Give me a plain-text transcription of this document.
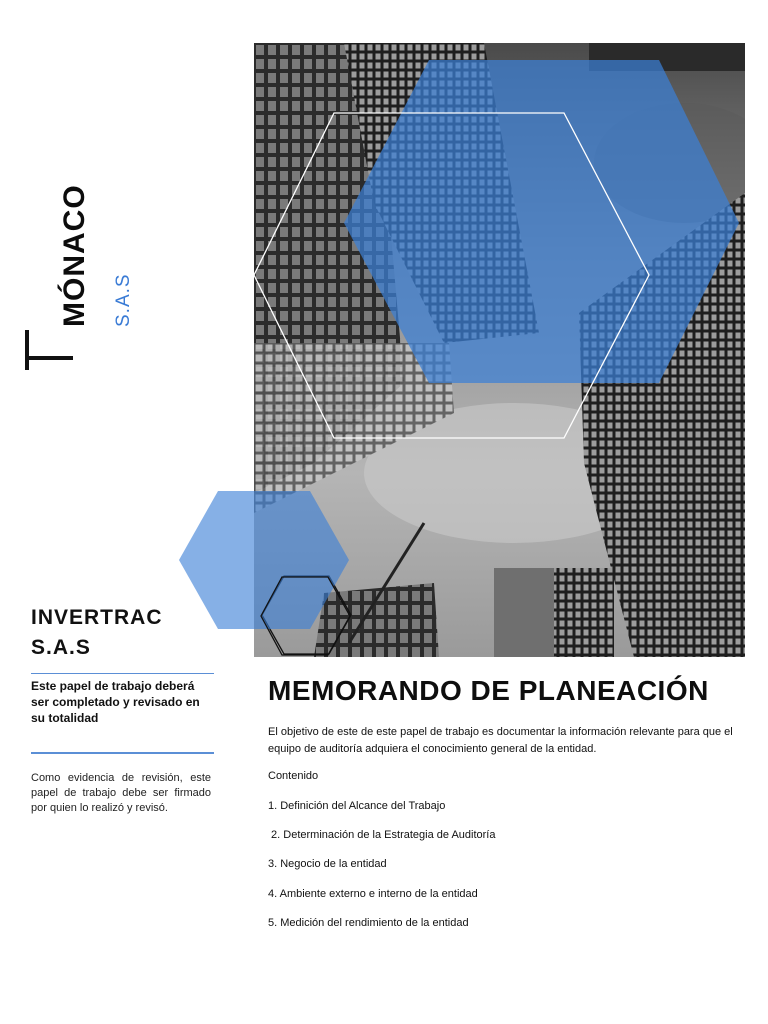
MÓNACO S.A.S
INVERTRAC
S.A.S
Este papel de trabajo deberá ser completado y revisado en su totalidad
Como evidencia de revisión, este papel de trabajo debe ser firmado por quien lo realizó y revisó.
MEMORANDO DE PLANEACIÓN
El objetivo de este de este papel de trabajo es documentar la información relevante para que el equipo de auditoría adquiera el conocimiento general de la entidad.
Contenido
1. Definición del Alcance del Trabajo
2. Determinación de la Estrategia de Auditoría
3. Negocio de la entidad
4. Ambiente externo e interno de la entidad
5. Medición del rendimiento de la entidad
